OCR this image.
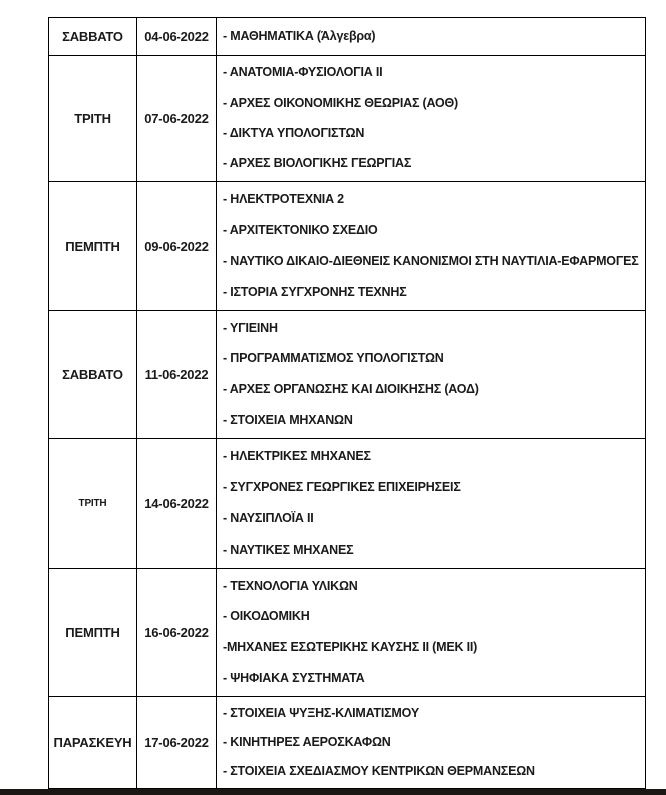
ΣΑΒΒΑΤΟ	04-06-2022	- ΜΑΘΗΜΑΤΙΚΑ (Άλγεβρα)
ΤΡΙΤΗ	07-06-2022
- ΑΝΑΤΟΜΙΑ-ΦΥΣΙΟΛΟΓΙΑ ΙΙ
- ΑΡΧΕΣ ΟΙΚΟΝΟΜΙΚΗΣ ΘΕΩΡΙΑΣ (ΑΟΘ)
- ΔΙΚΤΥΑ ΥΠΟΛΟΓΙΣΤΩΝ
- ΑΡΧΕΣ ΒΙΟΛΟΓΙΚΗΣ ΓΕΩΡΓΙΑΣ
ΠΕΜΠΤΗ	09-06-2022
- ΗΛΕΚΤΡΟΤΕΧΝΙΑ 2
- ΑΡΧΙΤΕΚΤΟΝΙΚΟ ΣΧΕΔΙΟ
- ΝΑΥΤΙΚΟ ΔΙΚΑΙΟ-ΔΙΕΘΝΕΙΣ ΚΑΝΟΝΙΣΜΟΙ ΣΤΗ ΝΑΥΤΙΛΙΑ-ΕΦΑΡΜΟΓΕΣ
- ΙΣΤΟΡΙΑ ΣΥΓΧΡΟΝΗΣ ΤΕΧΝΗΣ
ΣΑΒΒΑΤΟ	11-06-2022
- ΥΓΙΕΙΝΗ
- ΠΡΟΓΡΑΜΜΑΤΙΣΜΟΣ ΥΠΟΛΟΓΙΣΤΩΝ
- ΑΡΧΕΣ ΟΡΓΑΝΩΣΗΣ ΚΑΙ ΔΙΟΙΚΗΣΗΣ (ΑΟΔ)
- ΣΤΟΙΧΕΙΑ ΜΗΧΑΝΩΝ
ΤΡΙΤΗ	14-06-2022
- ΗΛΕΚΤΡΙΚΕΣ ΜΗΧΑΝΕΣ
- ΣΥΓΧΡΟΝΕΣ ΓΕΩΡΓΙΚΕΣ ΕΠΙΧΕΙΡΗΣΕΙΣ
- ΝΑΥΣΙΠΛΟΪΑ ΙΙ
- ΝΑΥΤΙΚΕΣ ΜΗΧΑΝΕΣ
ΠΕΜΠΤΗ	16-06-2022
- ΤΕΧΝΟΛΟΓΙΑ ΥΛΙΚΩΝ
- ΟΙΚΟΔΟΜΙΚΗ
-ΜΗΧΑΝΕΣ ΕΣΩΤΕΡΙΚΗΣ ΚΑΥΣΗΣ ΙΙ (ΜΕΚ ΙΙ)
- ΨΗΦΙΑΚΑ ΣΥΣΤΗΜΑΤΑ
ΠΑΡΑΣΚΕΥΗ 17-06-2022
- ΣΤΟΙΧΕΙΑ ΨΥΞΗΣ-ΚΛΙΜΑΤΙΣΜΟΥ
- ΚΙΝΗΤΗΡΕΣ ΑΕΡΟΣΚΑΦΩΝ
- ΣΤΟΙΧΕΙΑ ΣΧΕΔΙΑΣΜΟΥ ΚΕΝΤΡΙΚΩΝ ΘΕΡΜΑΝΣΕΩΝ
